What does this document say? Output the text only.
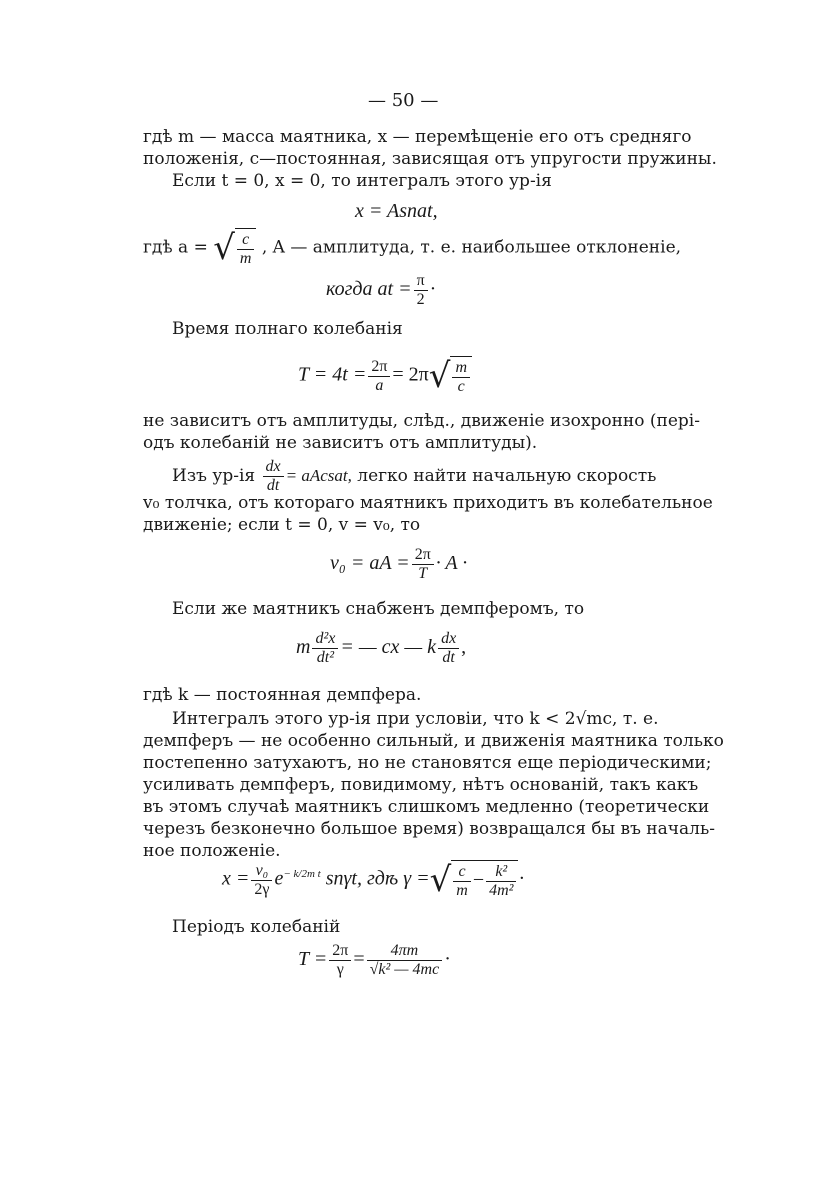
— 50 —
гдѣ m — масса маятника, x — перемѣщеніе его отъ средняго
положенія, c—постоянная, зависящая отъ упругости пружины.
Если t = 0, x = 0, то интегралъ этого ур-ія
x = Asnat,
гдѣ a = √ $\frac{c}{m}$ , A — амплитуда, т. е. наибольшее отклоненіе,
когда at = $\frac{\pi}{2}$ ·
Время полнаго колебанія
$T = 4t = \frac{2\pi}{a} = 2\pi√ \frac{m}{c}$
не зависитъ отъ амплитуды, слѣд., движеніе изохронно (пері-
одъ колебаній не зависитъ отъ амплитуды).
Изъ $ур-ія \frac{dx}{dt}$ = aAcsat, легко найти начальную скорость
v₀ толчка, отъ котораго маятникъ приходитъ въ колебательное
движеніе; если t = 0, v = v₀, то
v₀ = aA = $\frac{2\pi}{T} \cdot A$ ·
Если же маятникъ снабженъ демпферомъ, то
m $\frac{\text{d²x}}{\text{dt²}}$ = — cx — k $\frac{dx}{dt}$ ,
гдѣ k — постоянная демпфера.
Интегралъ этого ур-ія при условіи, что k < 2√mc, т. е.
демпферъ — не особенно сильный, и движенія маятника только
постепенно затухаютъ, но не становятся еще періодическими;
усиливать демпферъ, повидимому, нѣтъ основаній, такъ какъ
въ этомъ случаѣ маятникъ слишкомъ медленно (теоретически
черезъ безконечно большое время) возвращался бы въ началь-
ное положеніе.
$x = \frac{\text{v₀}}{2\gamma} e^{- k/2m t}$ snγt, гдѣ γ =√ $\frac{c}{m} - \frac{\text{k²}}{\text{4m²}}$ ·
Періодъ колебаній
$T = \frac{2\pi}{\gamma} = \frac{4\pi m}{\text{√k² — 4mc}}$ ·
